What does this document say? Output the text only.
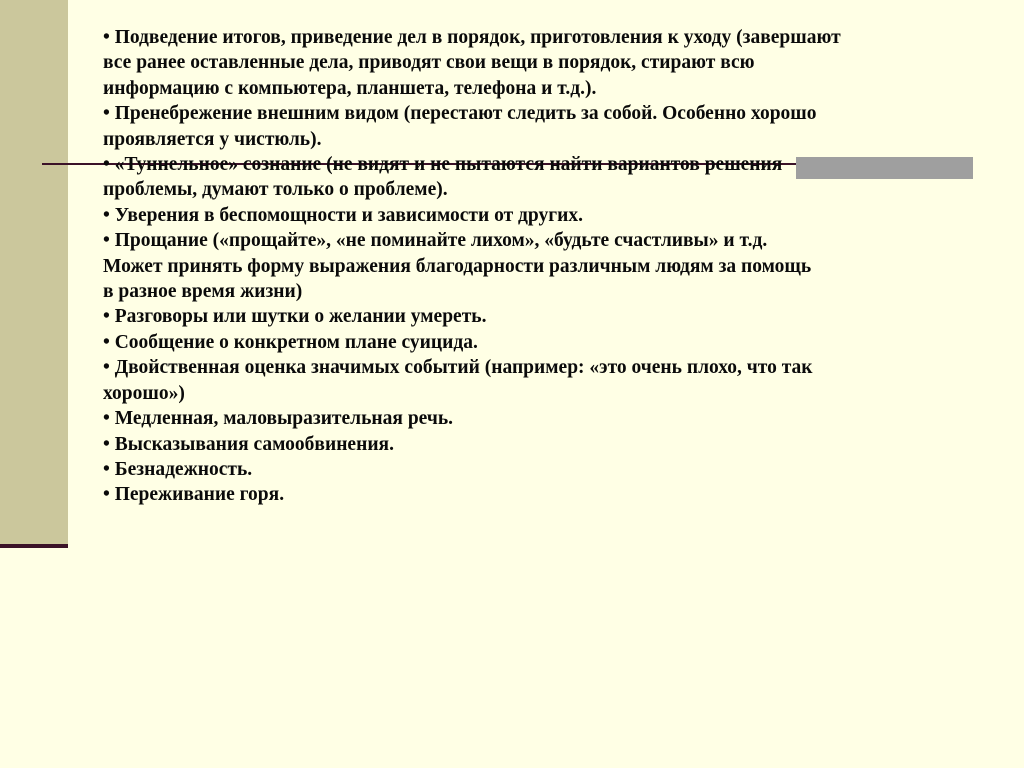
• Подведение итогов, приведение дел в порядок, приготовления к уходу (завершают

все ранее оставленные дела, приводят свои вещи в порядок, стирают всю

информацию с компьютера, планшета, телефона и т.д.).

• Пренебрежение внешним видом (перестают следить за собой. Особенно хорошо

проявляется у чистюль).

• «Туннельное» сознание (не видят и не пытаются найти вариантов решения

проблемы, думают только о проблеме).

• Уверения в беспомощности и зависимости от других.

• Прощание («прощайте», «не поминайте лихом», «будьте счастливы» и т.д.

Может принять форму выражения благодарности различным людям за помощь

в разное время жизни)

• Разговоры или шутки о желании умереть.

• Сообщение о конкретном плане суицида.

• Двойственная оценка значимых событий (например: «это очень плохо, что так

хорошо»)

• Медленная, маловыразительная речь.

• Высказывания самообвинения.

• Безнадежность.

• Переживание горя.
